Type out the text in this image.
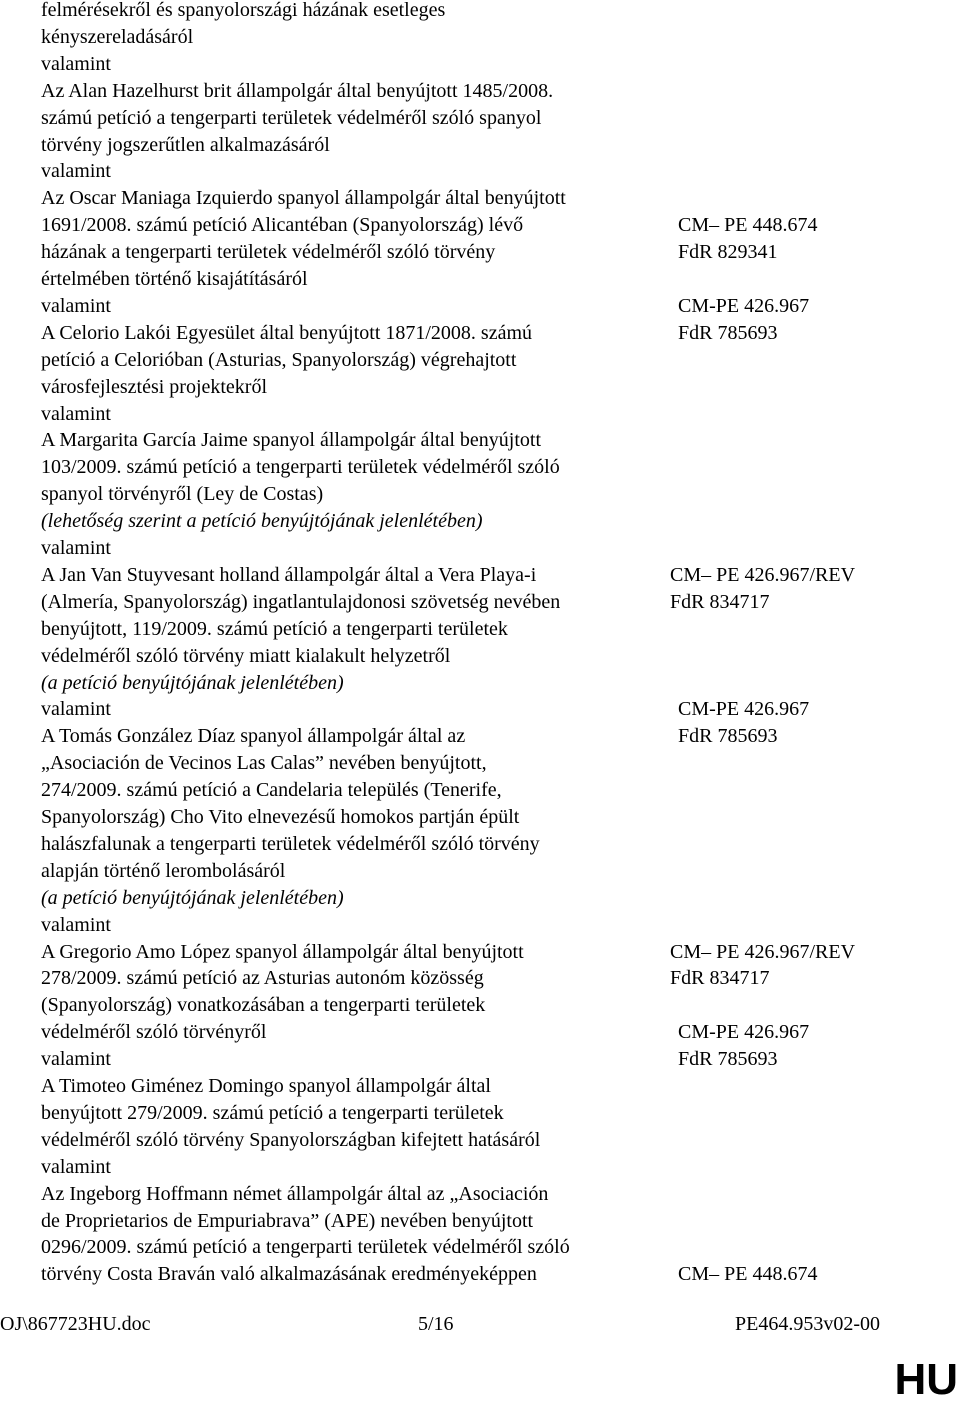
felmérésekről és spanyolországi házának esetleges
kényszereladásáról
valamint
Az Alan Hazelhurst brit állampolgár által benyújtott 1485/2008.
számú petíció a tengerparti területek védelméről szóló spanyol
törvény jogszerűtlen alkalmazásáról
valamint
Az Oscar Maniaga Izquierdo spanyol állampolgár által benyújtott
1691/2008. számú petíció Alicantéban (Spanyolország) lévő
házának a tengerparti területek védelméről szóló törvény
értelmében történő kisajátításáról
valamint
A Celorio Lakói Egyesület által benyújtott 1871/2008. számú
petíció a Celorióban (Asturias, Spanyolország) végrehajtott
városfejlesztési projektekről
valamint
A Margarita García Jaime spanyol állampolgár által benyújtott
103/2009. számú petíció a tengerparti területek védelméről szóló
spanyol törvényről (Ley de Costas)
(lehetőség szerint a petíció benyújtójának jelenlétében)
valamint
A Jan Van Stuyvesant holland állampolgár által a Vera Playa-i
(Almería, Spanyolország) ingatlantulajdonosi szövetség nevében
benyújtott, 119/2009. számú petíció a tengerparti területek
védelméről szóló törvény miatt kialakult helyzetről
(a petíció benyújtójának jelenlétében)
valamint
A Tomás González Díaz spanyol állampolgár által az
„Asociación de Vecinos Las Calas” nevében benyújtott,
274/2009. számú petíció a Candelaria település (Tenerife,
Spanyolország) Cho Vito elnevezésű homokos partján épült
halászfalunak a tengerparti területek védelméről szóló törvény
alapján történő lerombolásáról
(a petíció benyújtójának jelenlétében)
valamint
A Gregorio Amo López spanyol állampolgár által benyújtott
278/2009. számú petíció az Asturias autonóm közösség
(Spanyolország) vonatkozásában a tengerparti területek
védelméről szóló törvényről
valamint
A Timoteo Giménez Domingo spanyol állampolgár által
benyújtott 279/2009. számú petíció a tengerparti területek
védelméről szóló törvény Spanyolországban kifejtett hatásáról
valamint
Az Ingeborg Hoffmann német állampolgár által az „Asociación
de Proprietarios de Empuriabrava” (APE) nevében benyújtott
0296/2009. számú petíció a tengerparti területek védelméről szóló
törvény Costa Braván való alkalmazásának eredményeképpen
CM– PE 448.674
FdR 829341
CM-PE 426.967
FdR 785693
CM– PE 426.967/REV
FdR 834717
CM-PE 426.967
FdR 785693
CM– PE 426.967/REV
FdR 834717
CM-PE 426.967
FdR 785693
CM– PE 448.674
OJ\867723HU.doc	5/16	PE464.953v02-00
HU
